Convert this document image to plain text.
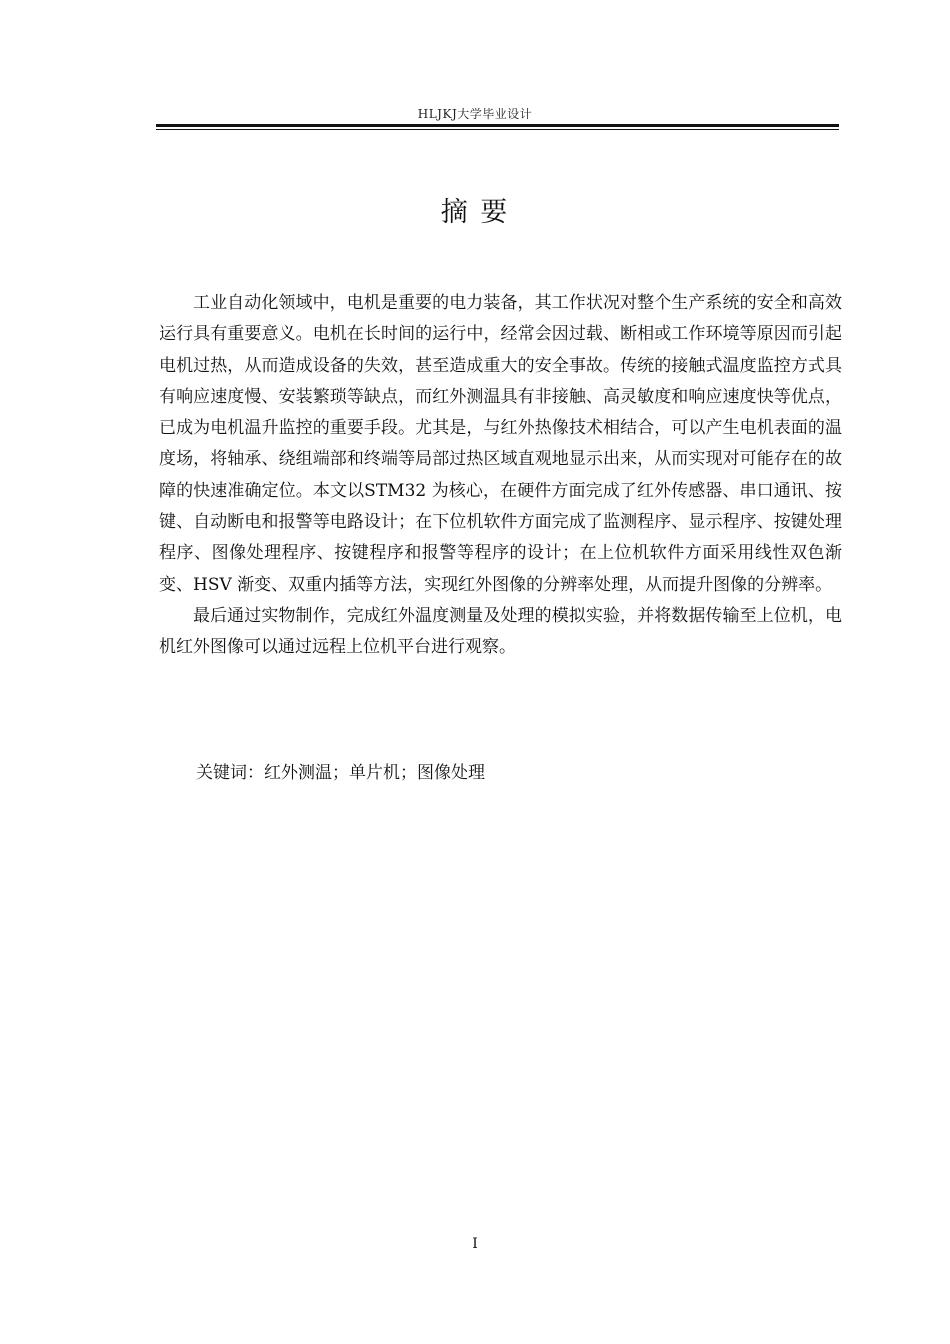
HLJKJ大学毕业设计
摘 要

工业自动化领域中，电机是重要的电力装备，其工作状况对整个生产系统的安全和高效运行具有重要意义。电机在长时间的运行中，经常会因过载、断相或工作环境等原因而引起电机过热，从而造成设备的失效，甚至造成重大的安全事故。传统的接触式温度监控方式具有响应速度慢、安装繁琐等缺点，而红外测温具有非接触、高灵敏度和响应速度快等优点，已成为电机温升监控的重要手段。尤其是，与红外热像技术相结合，可以产生电机表面的温度场，将轴承、绕组端部和终端等局部过热区域直观地显示出来，从而实现对可能存在的故障的快速准确定位。本文以STM32 为核心，在硬件方面完成了红外传感器、串口通讯、按键、自动断电和报警等电路设计；在下位机软件方面完成了监测程序、显示程序、按键处理程序、图像处理程序、按键程序和报警等程序的设计；在上位机软件方面采用线性双色渐变、HSV 渐变、双重内插等方法，实现红外图像的分辨率处理，从而提升图像的分辨率。

最后通过实物制作，完成红外温度测量及处理的模拟实验，并将数据传输至上位机，电机红外图像可以通过远程上位机平台进行观察。

关键词：红外测温；单片机；图像处理
I
